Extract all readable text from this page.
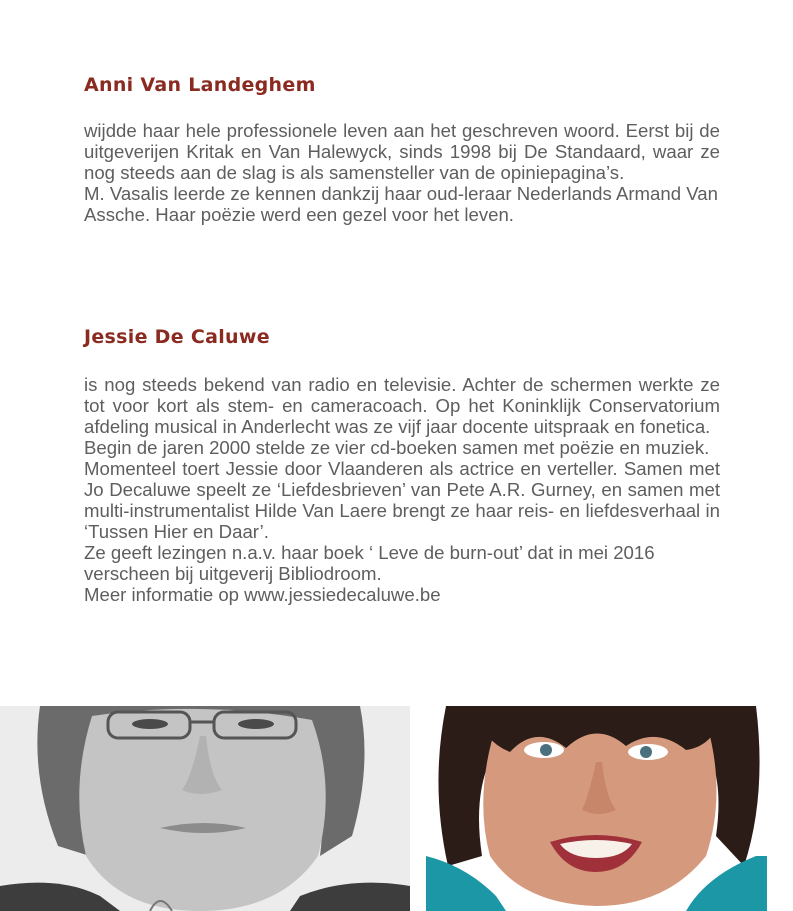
Anni Van Landeghem

wijdde haar hele professionele leven aan het geschreven woord. Eerst bij de uitgeverijen Kritak en Van Halewyck, sinds 1998 bij De Standaard, waar ze nog steeds aan de slag is als samensteller van de opiniepagina’s.

M. Vasalis leerde ze kennen dankzij haar oud-leraar Nederlands Armand Van Assche. Haar poëzie werd een gezel voor het leven.

Jessie De Caluwe

is nog steeds bekend van radio en televisie. Achter de schermen werkte ze tot voor kort als stem- en cameracoach. Op het Koninklijk Conservatorium afdeling musical in Anderlecht was ze vijf jaar docente uitspraak en fonetica.

Begin de jaren 2000 stelde ze vier cd-boeken samen met poëzie en muziek.

Momenteel toert Jessie door Vlaanderen als actrice en verteller. Samen met Jo Decaluwe speelt ze ‘Liefdesbrieven’ van Pete A.R. Gurney, en samen met multi-instrumentalist Hilde Van Laere brengt ze haar reis- en liefdesverhaal in ‘Tussen Hier en Daar’.

Ze geeft lezingen n.a.v. haar boek ‘ Leve de burn-out’ dat in mei 2016 verscheen bij uitgeverij Bibliodroom.

Meer informatie op www.jessiedecaluwe.be
